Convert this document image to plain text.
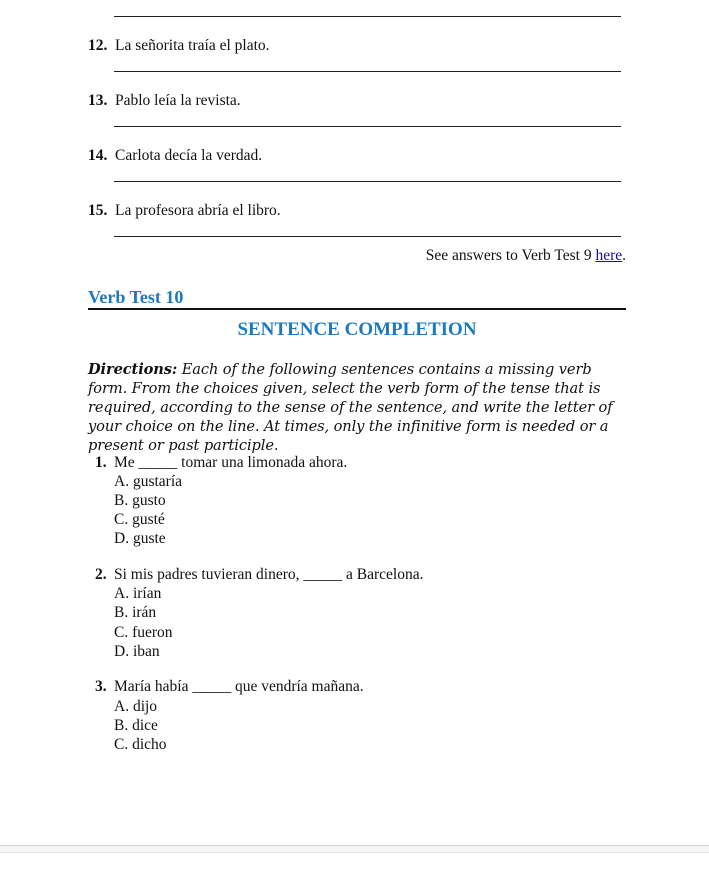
12. La señorita traía el plato.
13. Pablo leía la revista.
14. Carlota decía la verdad.
15. La profesora abría el libro.
See answers to Verb Test 9 here.
Verb Test 10
SENTENCE COMPLETION
Directions: Each of the following sentences contains a missing verb form. From the choices given, select the verb form of the tense that is required, according to the sense of the sentence, and write the letter of your choice on the line. At times, only the infinitive form is needed or a present or past participle.
1. Me _____ tomar una limonada ahora.
A. gustaría
B. gusto
C. gusté
D. guste
2. Si mis padres tuvieran dinero, _____ a Barcelona.
A. irían
B. irán
C. fueron
D. iban
3. María había _____ que vendría mañana.
A. dijo
B. dice
C. dicho
